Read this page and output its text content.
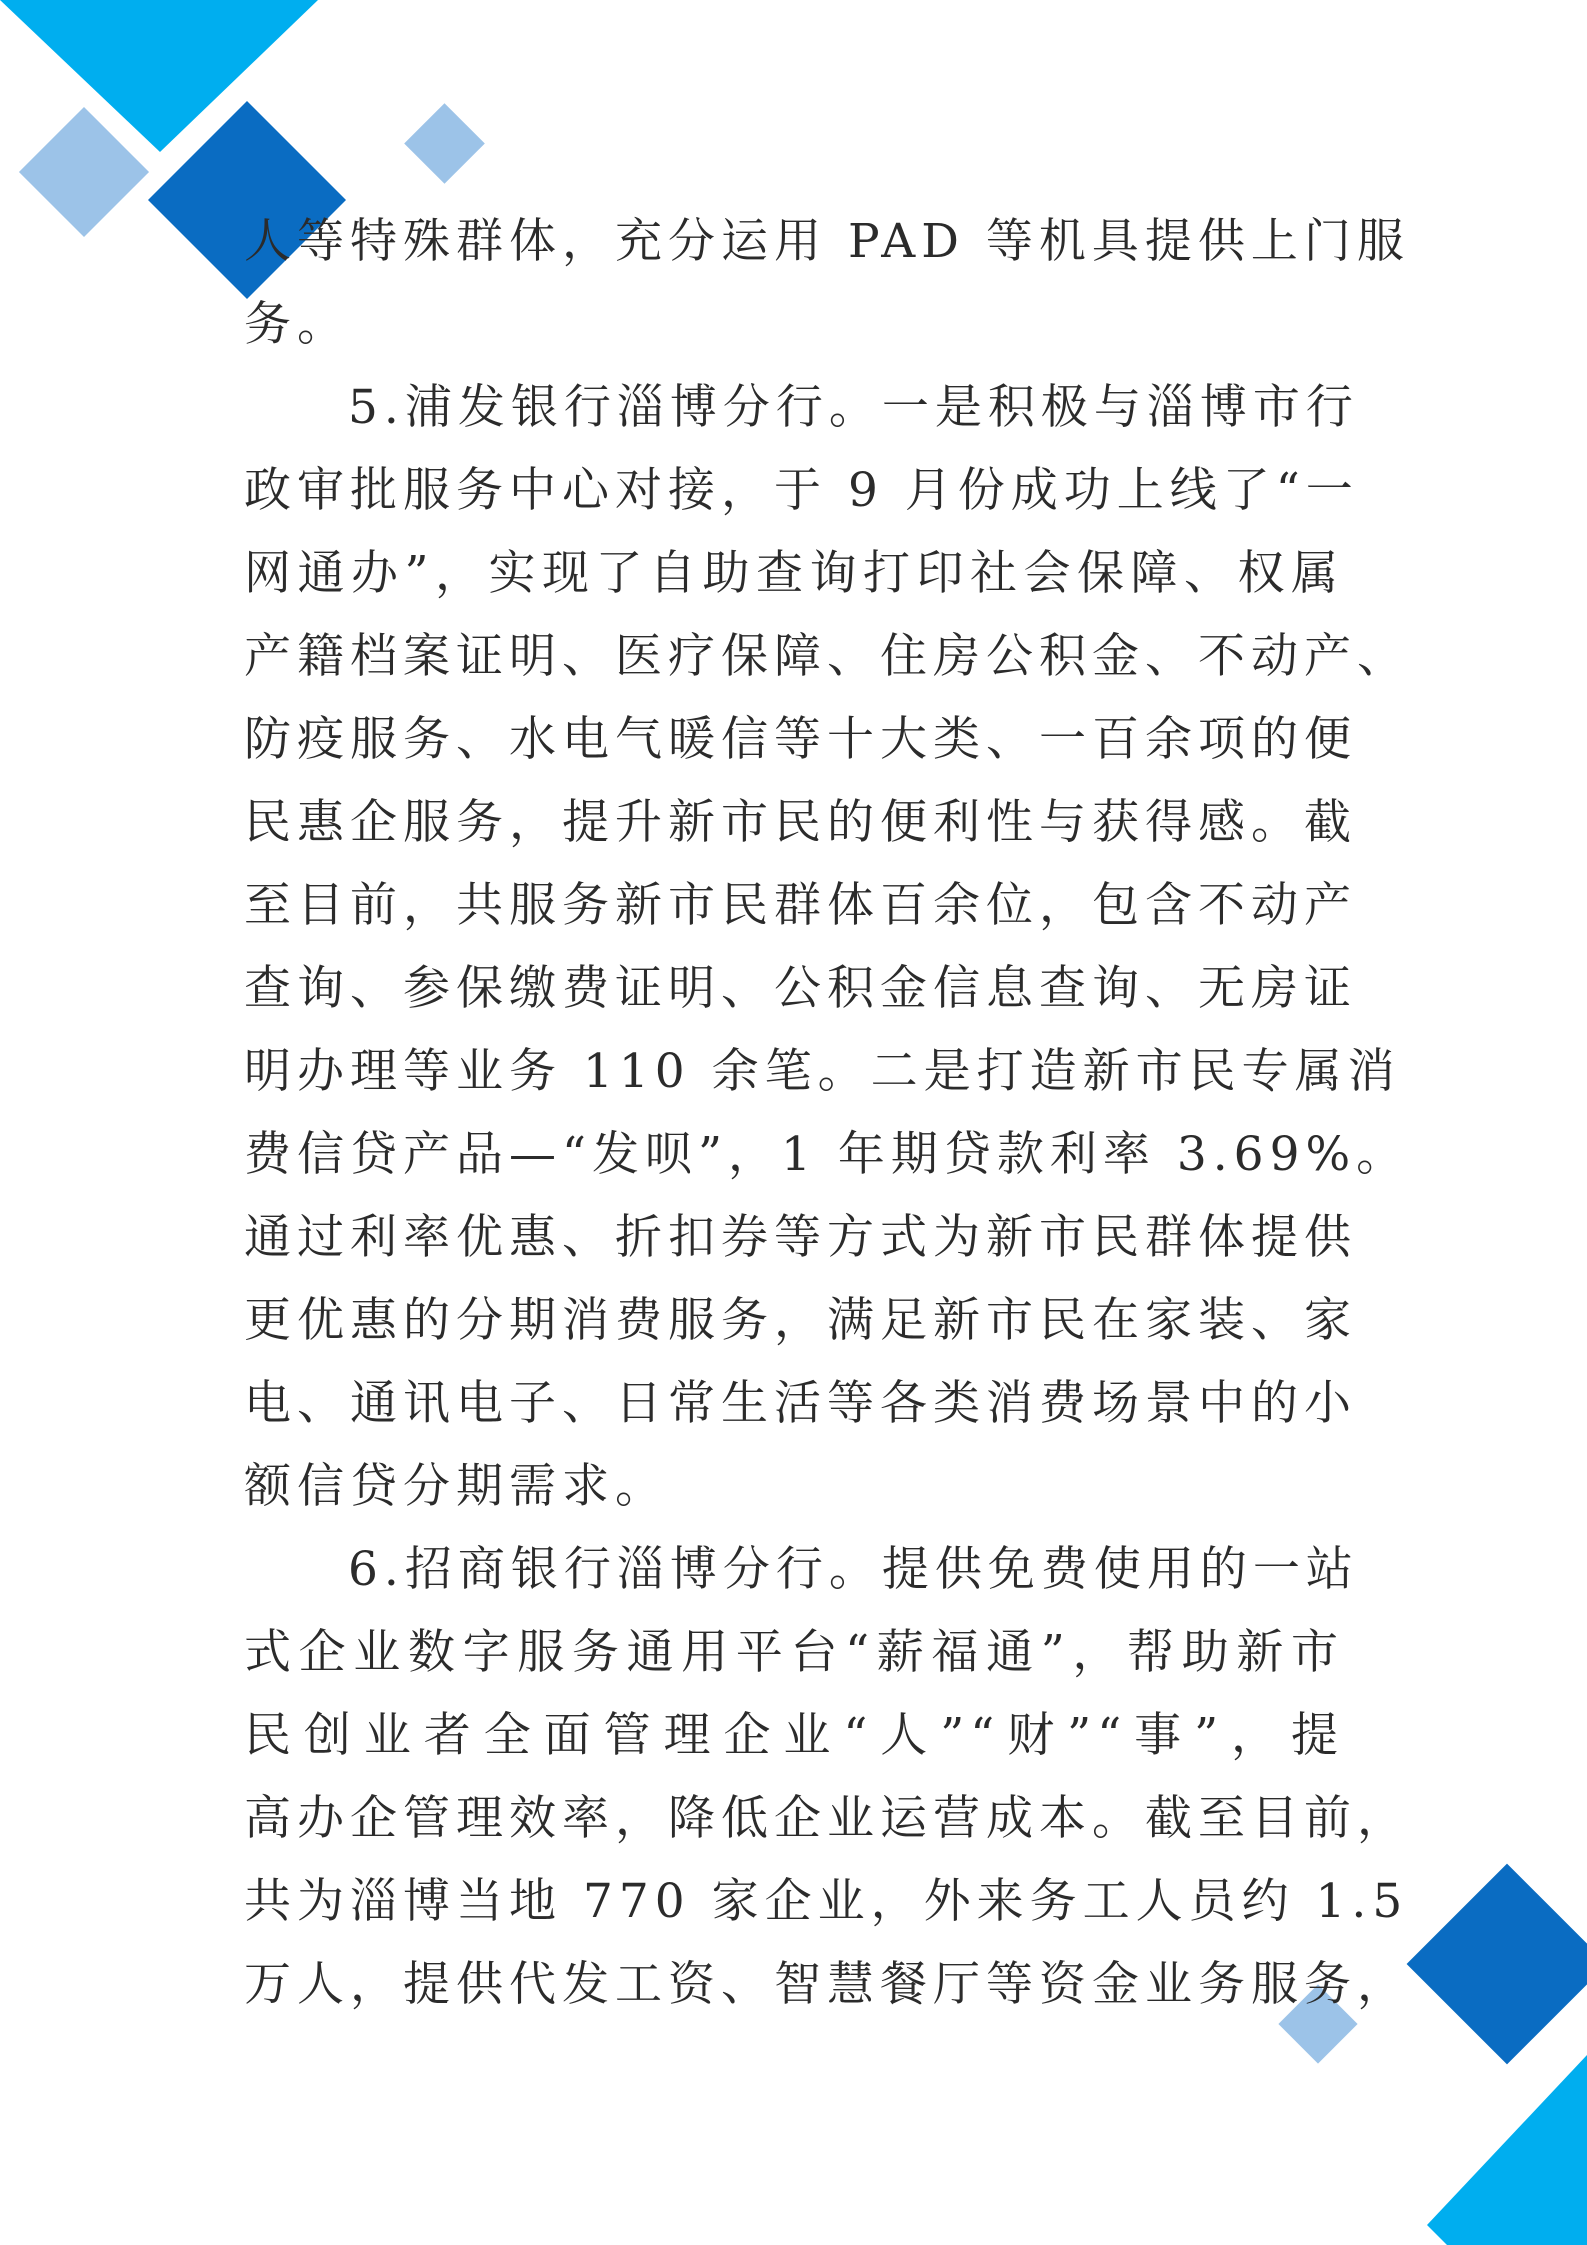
人等特殊群体，充分运用 PAD 等机具提供上门服
务。
5.浦发银行淄博分行。一是积极与淄博市行
政审批服务中心对接，于 9 月份成功上线了“一
网通办”，实现了自助查询打印社会保障、权属
产籍档案证明、医疗保障、住房公积金、不动产、
防疫服务、水电气暖信等十大类、一百余项的便
民惠企服务，提升新市民的便利性与获得感。截
至目前，共服务新市民群体百余位，包含不动产
查询、参保缴费证明、公积金信息查询、无房证
明办理等业务 110 余笔。二是打造新市民专属消
费信贷产品—“发呗”，1 年期贷款利率 3.69%。
通过利率优惠、折扣券等方式为新市民群体提供
更优惠的分期消费服务，满足新市民在家装、家
电、通讯电子、日常生活等各类消费场景中的小
额信贷分期需求。
6.招商银行淄博分行。提供免费使用的一站
式企业数字服务通用平台“薪福通”，帮助新市
民创业者全面管理企业“人”“财”“事”，提
高办企管理效率，降低企业运营成本。截至目前，
共为淄博当地 770 家企业，外来务工人员约 1.5
万人，提供代发工资、智慧餐厅等资金业务服务，
